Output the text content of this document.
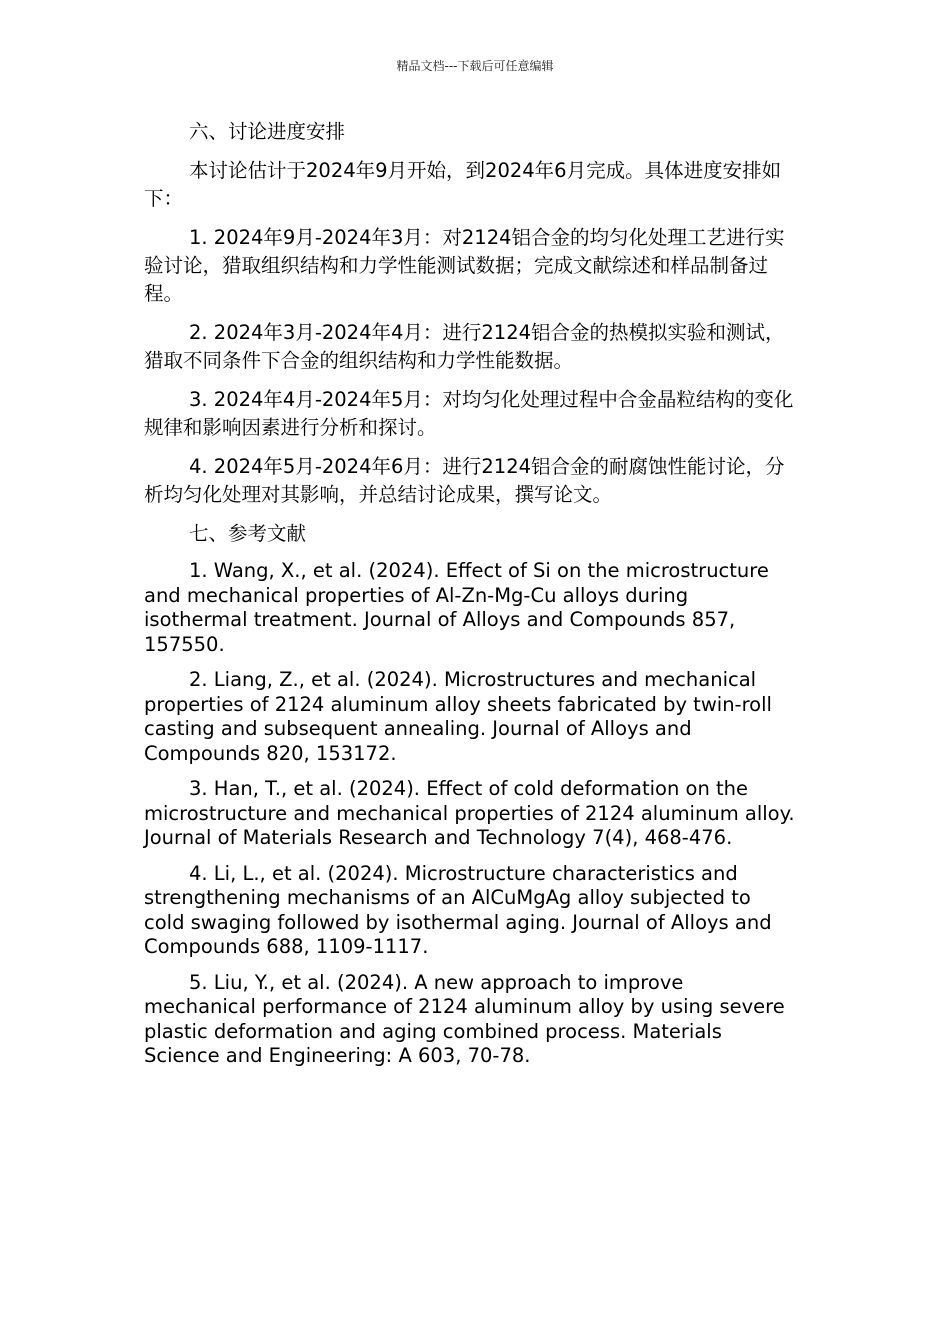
精品文档---下载后可任意编辑

六、讨论进度安排

本讨论估计于2024年9月开始，到2024年6月完成。具体进度安排如下：

1. 2024年9月-2024年3月：对2124铝合金的均匀化处理工艺进行实验讨论，猎取组织结构和力学性能测试数据；完成文献综述和样品制备过程。

2. 2024年3月-2024年4月：进行2124铝合金的热模拟实验和测试，猎取不同条件下合金的组织结构和力学性能数据。

3. 2024年4月-2024年5月：对均匀化处理过程中合金晶粒结构的变化规律和影响因素进行分析和探讨。

4. 2024年5月-2024年6月：进行2124铝合金的耐腐蚀性能讨论，分析均匀化处理对其影响，并总结讨论成果，撰写论文。

七、参考文献

1. Wang, X., et al. (2024). Effect of Si on the microstructure and mechanical properties of Al-Zn-Mg-Cu alloys during isothermal treatment. Journal of Alloys and Compounds 857, 157550.

2. Liang, Z., et al. (2024). Microstructures and mechanical properties of 2124 aluminum alloy sheets fabricated by twin-roll casting and subsequent annealing. Journal of Alloys and Compounds 820, 153172.

3. Han, T., et al. (2024). Effect of cold deformation on the microstructure and mechanical properties of 2124 aluminum alloy. Journal of Materials Research and Technology 7(4), 468-476.

4. Li, L., et al. (2024). Microstructure characteristics and strengthening mechanisms of an AlCuMgAg alloy subjected to cold swaging followed by isothermal aging. Journal of Alloys and Compounds 688, 1109-1117.

5. Liu, Y., et al. (2024). A new approach to improve mechanical performance of 2124 aluminum alloy by using severe plastic deformation and aging combined process. Materials Science and Engineering: A 603, 70-78.
